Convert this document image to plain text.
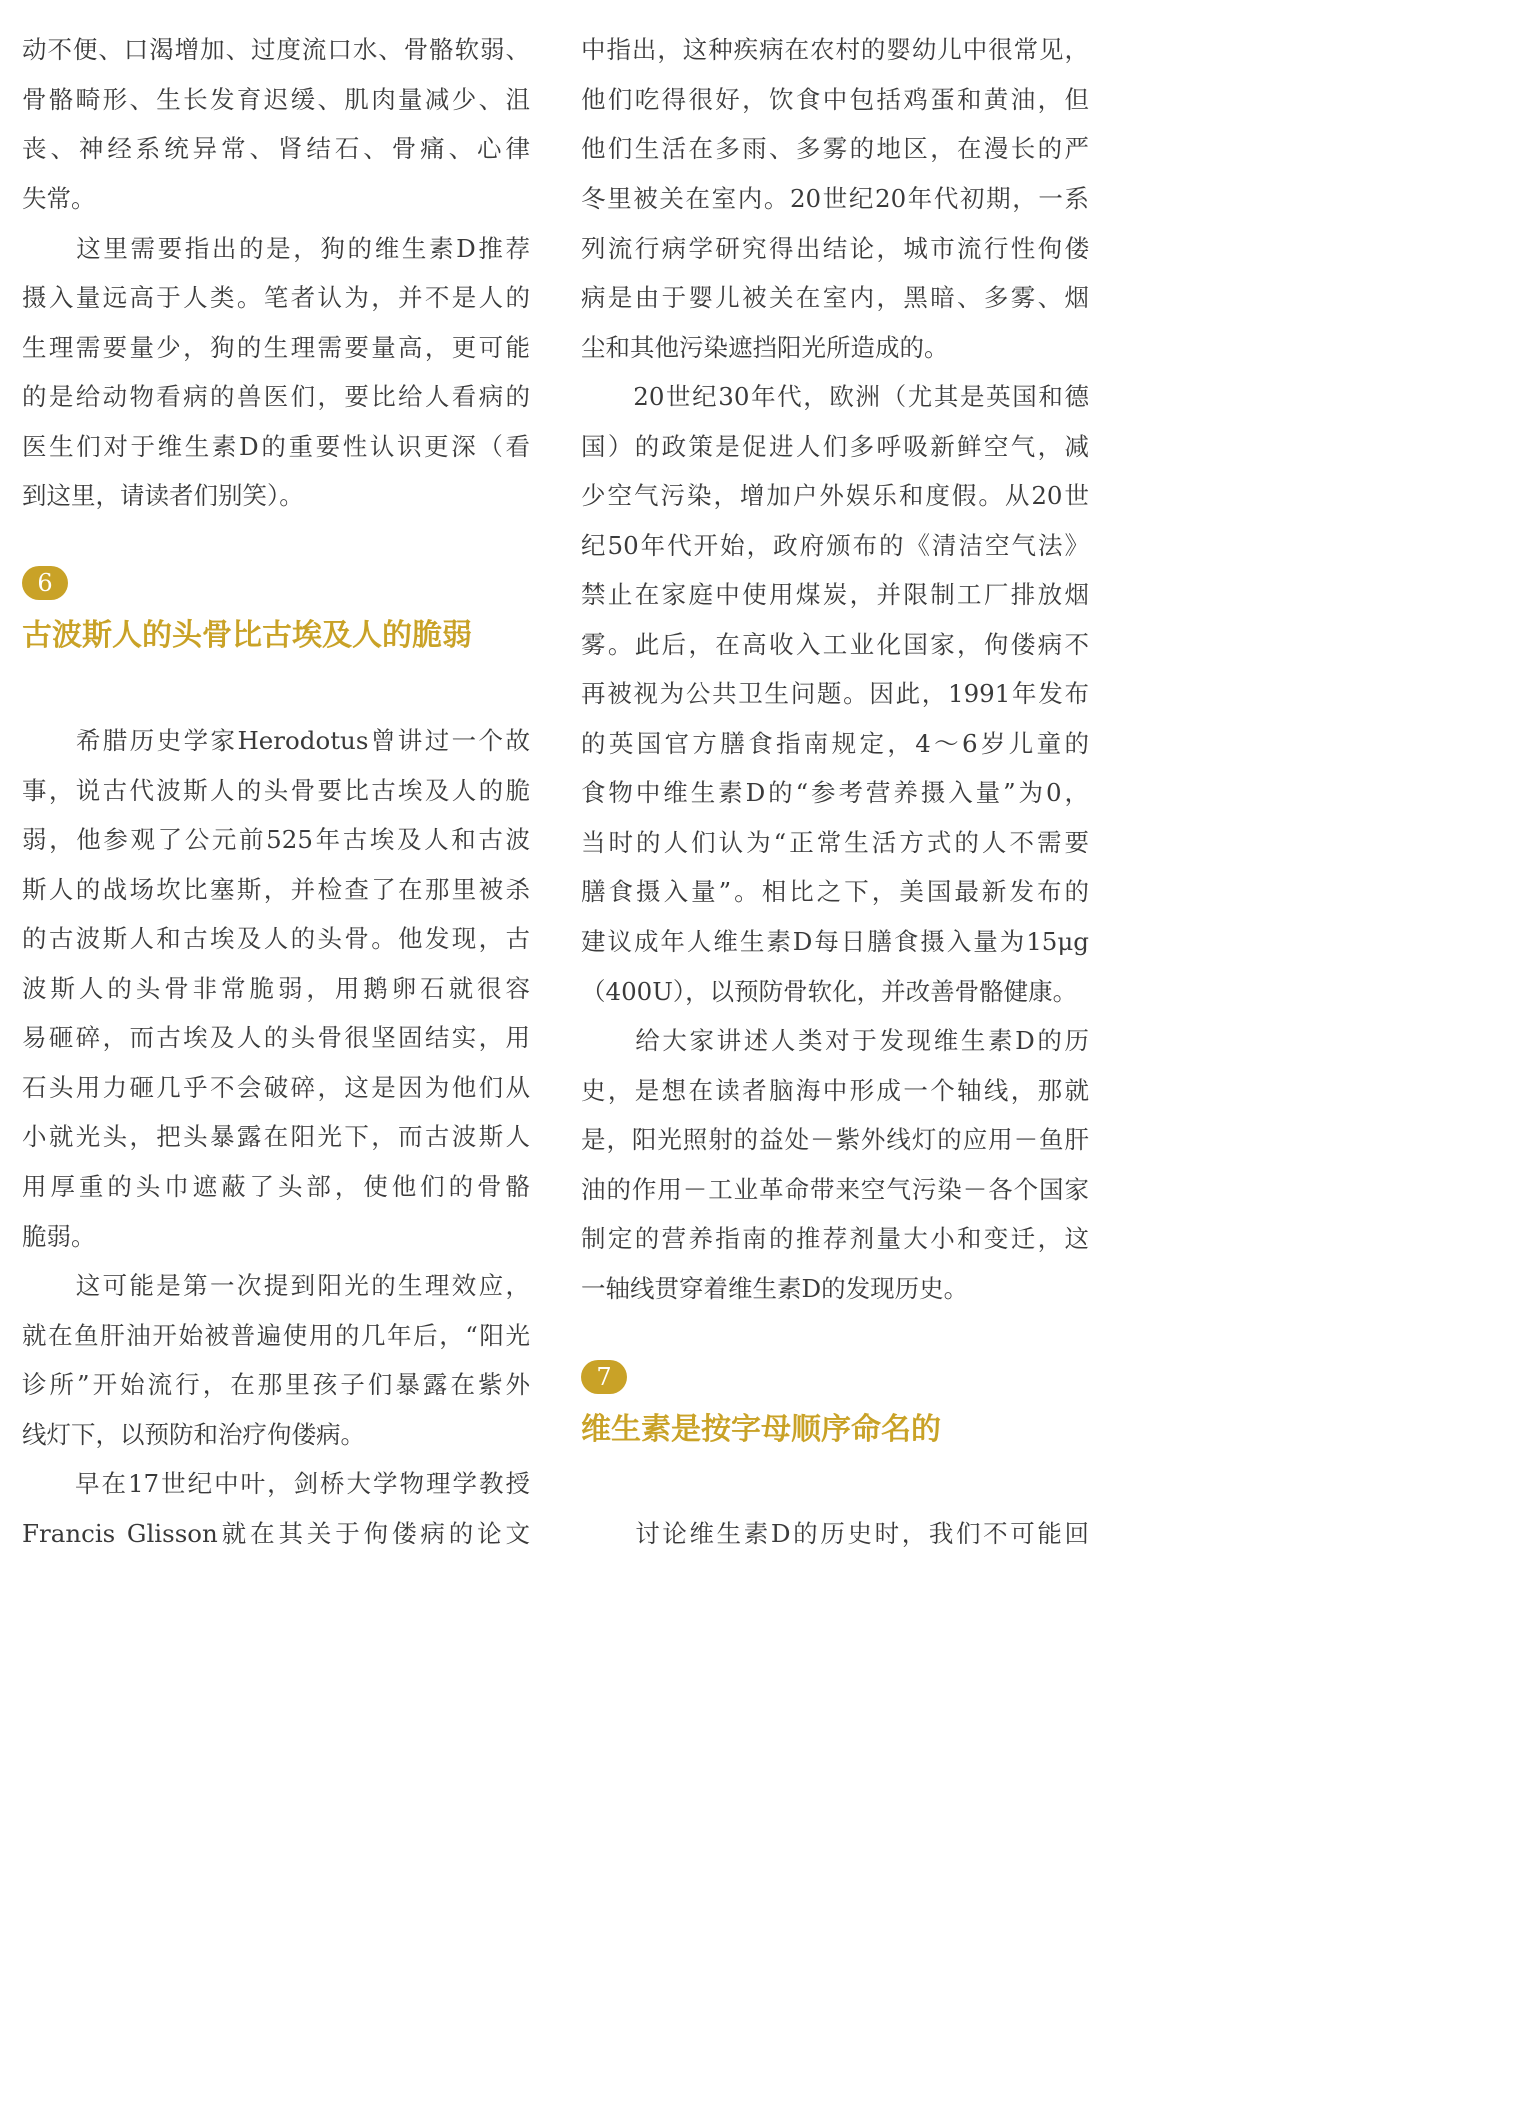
动不便、口渴增加、过度流口水、骨骼软弱、
骨骼畸形、生长发育迟缓、肌肉量减少、沮
丧、神经系统异常、肾结石、骨痛、心律
失常。
　　这里需要指出的是，狗的维生素D推荐
摄入量远高于人类。笔者认为，并不是人的
生理需要量少，狗的生理需要量高，更可能
的是给动物看病的兽医们，要比给人看病的
医生们对于维生素D的重要性认识更深（看
到这里，请读者们别笑）。
6
古波斯人的头骨比古埃及人的脆弱
　　希腊历史学家Herodotus曾讲过一个故
事，说古代波斯人的头骨要比古埃及人的脆
弱，他参观了公元前525年古埃及人和古波
斯人的战场坎比塞斯，并检查了在那里被杀
的古波斯人和古埃及人的头骨。他发现，古
波斯人的头骨非常脆弱，用鹅卵石就很容
易砸碎，而古埃及人的头骨很坚固结实，用
石头用力砸几乎不会破碎，这是因为他们从
小就光头，把头暴露在阳光下，而古波斯人
用厚重的头巾遮蔽了头部，使他们的骨骼
脆弱。
　　这可能是第一次提到阳光的生理效应，
就在鱼肝油开始被普遍使用的几年后，“阳光
诊所”开始流行，在那里孩子们暴露在紫外
线灯下，以预防和治疗佝偻病。
　　早在17世纪中叶，剑桥大学物理学教授
Francis Glisson就在其关于佝偻病的论文
中指出，这种疾病在农村的婴幼儿中很常见，
他们吃得很好，饮食中包括鸡蛋和黄油，但
他们生活在多雨、多雾的地区，在漫长的严
冬里被关在室内。20世纪20年代初期，一系
列流行病学研究得出结论，城市流行性佝偻
病是由于婴儿被关在室内，黑暗、多雾、烟
尘和其他污染遮挡阳光所造成的。
　　20世纪30年代，欧洲（尤其是英国和德
国）的政策是促进人们多呼吸新鲜空气，减
少空气污染，增加户外娱乐和度假。从20世
纪50年代开始，政府颁布的《清洁空气法》
禁止在家庭中使用煤炭，并限制工厂排放烟
雾。此后，在高收入工业化国家，佝偻病不
再被视为公共卫生问题。因此，1991年发布
的英国官方膳食指南规定，4～6岁儿童的
食物中维生素D的“参考营养摄入量”为0，
当时的人们认为“正常生活方式的人不需要
膳食摄入量”。相比之下，美国最新发布的
建议成年人维生素D每日膳食摄入量为15μg
（400U），以预防骨软化，并改善骨骼健康。
　　给大家讲述人类对于发现维生素D的历
史，是想在读者脑海中形成一个轴线，那就
是，阳光照射的益处－紫外线灯的应用－鱼肝
油的作用－工业革命带来空气污染－各个国家
制定的营养指南的推荐剂量大小和变迁，这
一轴线贯穿着维生素D的发现历史。
7
维生素是按字母顺序命名的
　　讨论维生素D的历史时，我们不可能回
